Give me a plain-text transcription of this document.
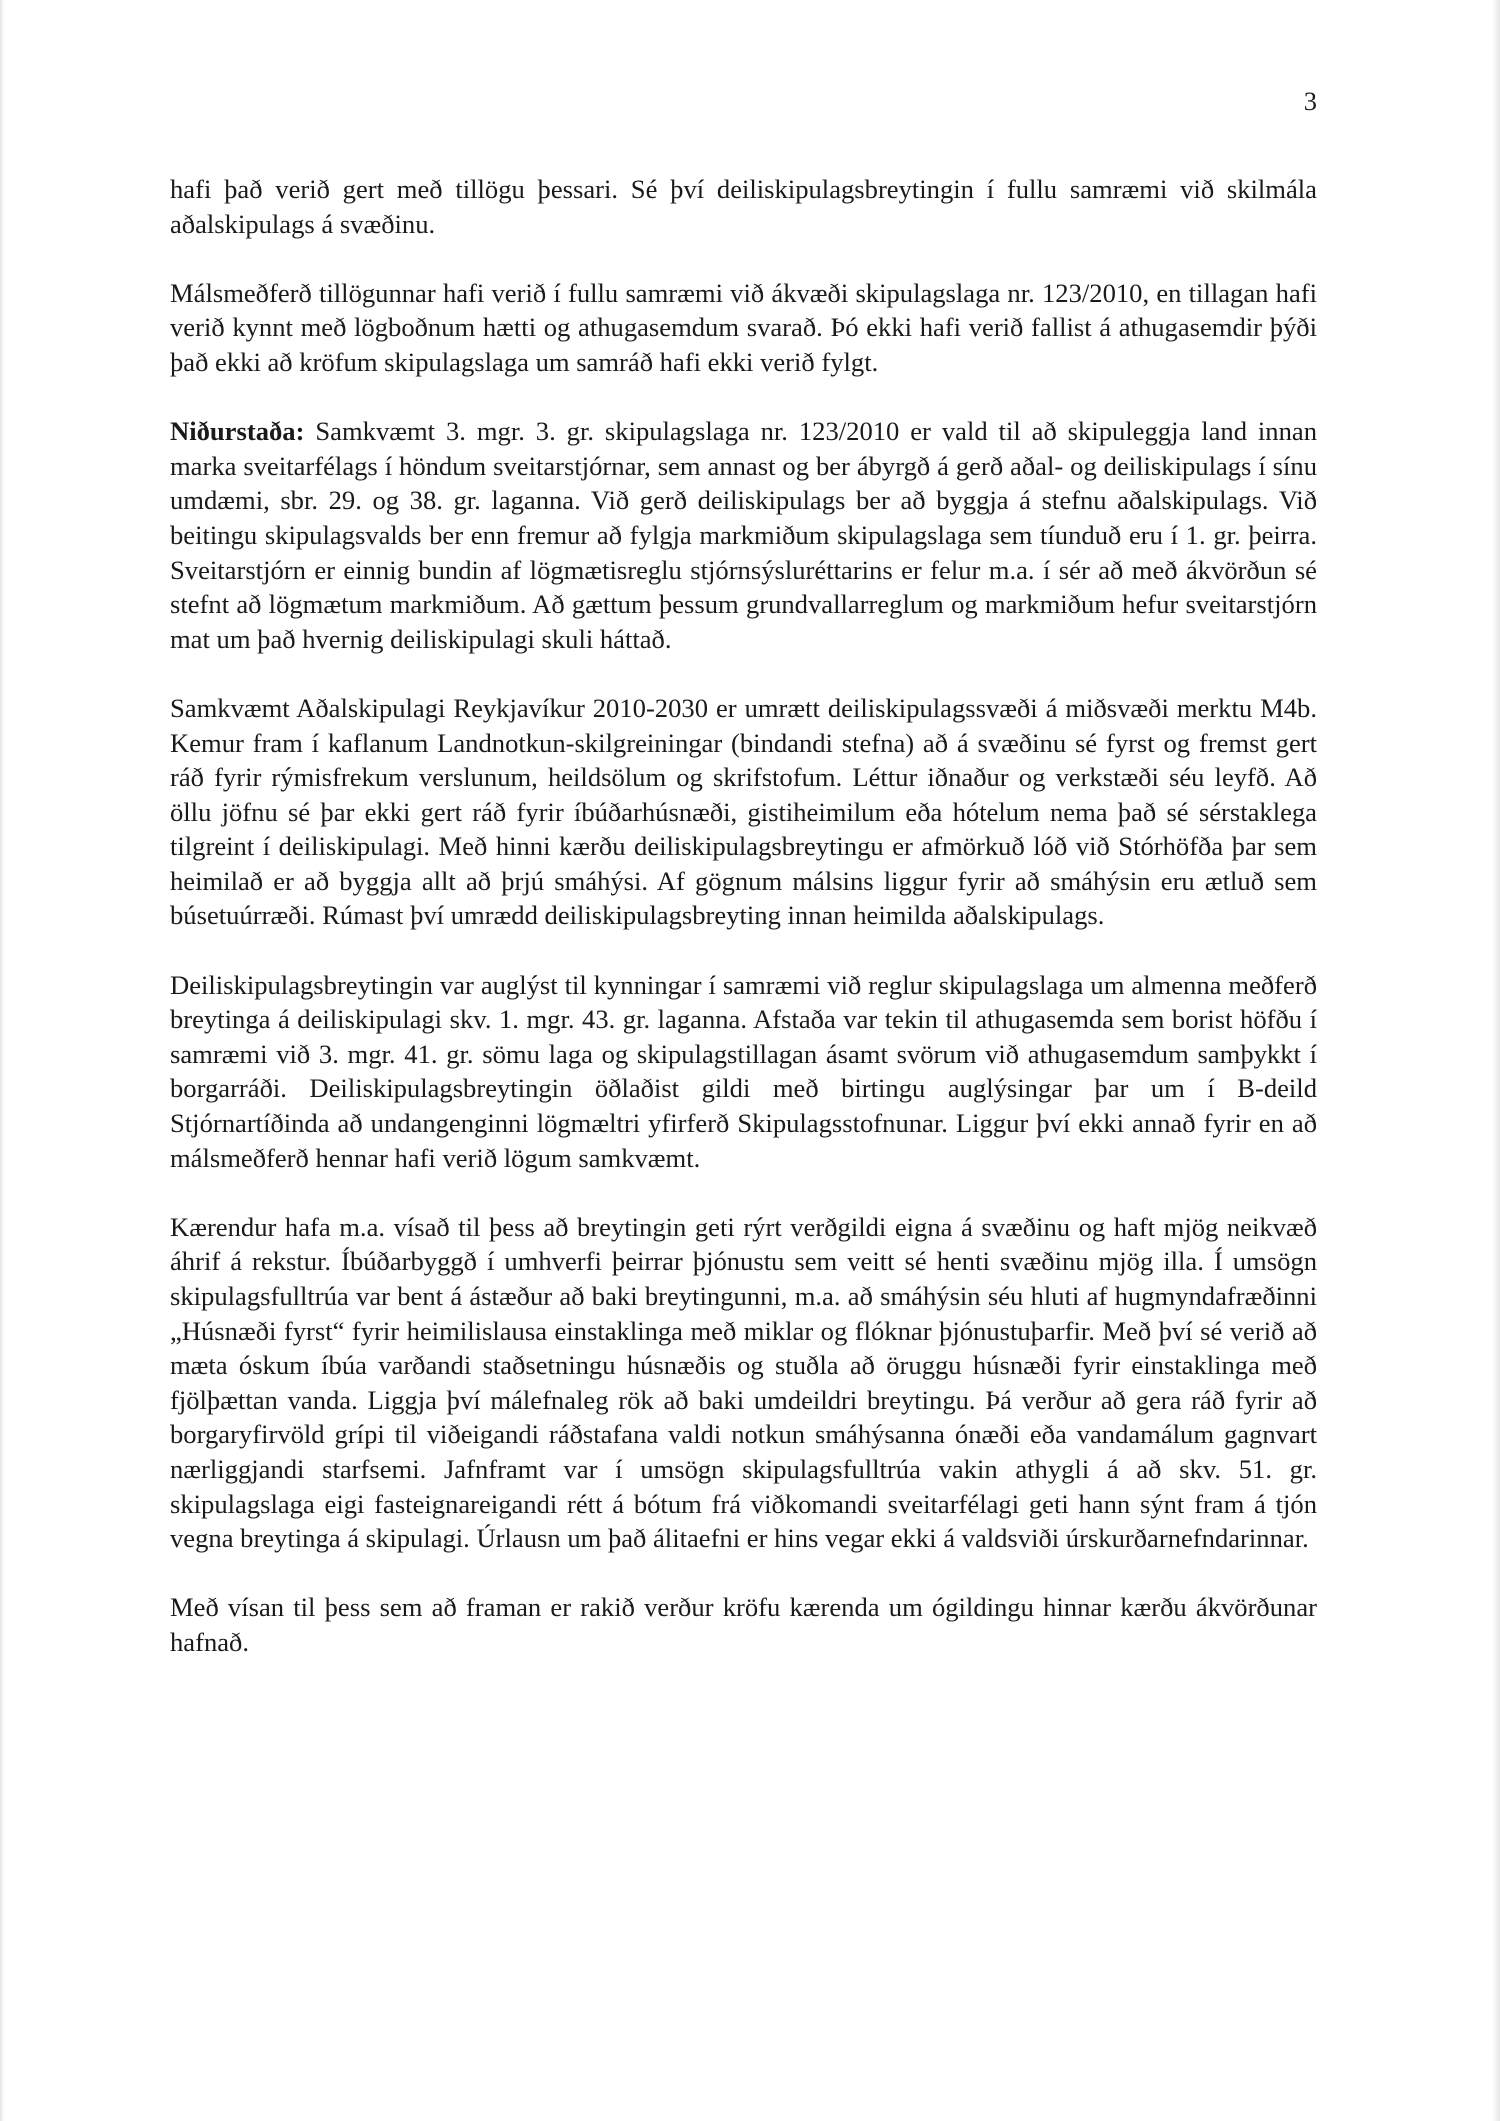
3

hafi það verið gert með tillögu þessari. Sé því deiliskipulagsbreytingin í fullu samræmi við skilmála aðalskipulags á svæðinu.

Málsmeðferð tillögunnar hafi verið í fullu samræmi við ákvæði skipulagslaga nr. 123/2010, en tillagan hafi verið kynnt með lögboðnum hætti og athugasemdum svarað. Þó ekki hafi verið fallist á athugasemdir þýði það ekki að kröfum skipulagslaga um samráð hafi ekki verið fylgt.

Niðurstaða: Samkvæmt 3. mgr. 3. gr. skipulagslaga nr. 123/2010 er vald til að skipuleggja land innan marka sveitarfélags í höndum sveitarstjórnar, sem annast og ber ábyrgð á gerð aðal- og deiliskipulags í sínu umdæmi, sbr. 29. og 38. gr. laganna. Við gerð deiliskipulags ber að byggja á stefnu aðalskipulags. Við beitingu skipulagsvalds ber enn fremur að fylgja markmiðum skipulagslaga sem tíunduð eru í 1. gr. þeirra. Sveitarstjórn er einnig bundin af lögmætisreglu stjórnsýsluréttarins er felur m.a. í sér að með ákvörðun sé stefnt að lögmætum markmiðum. Að gættum þessum grundvallarreglum og markmiðum hefur sveitarstjórn mat um það hvernig deiliskipulagi skuli háttað.

Samkvæmt Aðalskipulagi Reykjavíkur 2010-2030 er umrætt deiliskipulagssvæði á miðsvæði merktu M4b. Kemur fram í kaflanum Landnotkun-skilgreiningar (bindandi stefna) að á svæðinu sé fyrst og fremst gert ráð fyrir rýmisfrekum verslunum, heildsölum og skrifstofum. Léttur iðnaður og verkstæði séu leyfð. Að öllu jöfnu sé þar ekki gert ráð fyrir íbúðarhúsnæði, gistiheimilum eða hótelum nema það sé sérstaklega tilgreint í deiliskipulagi. Með hinni kærðu deiliskipulagsbreytingu er afmörkuð lóð við Stórhöfða þar sem heimilað er að byggja allt að þrjú smáhýsi. Af gögnum málsins liggur fyrir að smáhýsin eru ætluð sem búsetuúrræði. Rúmast því umrædd deiliskipulagsbreyting innan heimilda aðalskipulags.

Deiliskipulagsbreytingin var auglýst til kynningar í samræmi við reglur skipulagslaga um almenna meðferð breytinga á deiliskipulagi skv. 1. mgr. 43. gr. laganna. Afstaða var tekin til athugasemda sem borist höfðu í samræmi við 3. mgr. 41. gr. sömu laga og skipulagstillagan ásamt svörum við athugasemdum samþykkt í borgarráði. Deiliskipulagsbreytingin öðlaðist gildi með birtingu auglýsingar þar um í B-deild Stjórnartíðinda að undangenginni lögmæltri yfirferð Skipulagsstofnunar. Liggur því ekki annað fyrir en að málsmeðferð hennar hafi verið lögum samkvæmt.

Kærendur hafa m.a. vísað til þess að breytingin geti rýrt verðgildi eigna á svæðinu og haft mjög neikvæð áhrif á rekstur. Íbúðarbyggð í umhverfi þeirrar þjónustu sem veitt sé henti svæðinu mjög illa. Í umsögn skipulagsfulltrúa var bent á ástæður að baki breytingunni, m.a. að smáhýsin séu hluti af hugmyndafræðinni „Húsnæði fyrst“ fyrir heimilislausa einstaklinga með miklar og flóknar þjónustuþarfir. Með því sé verið að mæta óskum íbúa varðandi staðsetningu húsnæðis og stuðla að öruggu húsnæði fyrir einstaklinga með fjölþættan vanda. Liggja því málefnaleg rök að baki umdeildri breytingu. Þá verður að gera ráð fyrir að borgaryfirvöld grípi til viðeigandi ráðstafana valdi notkun smáhýsanna ónæði eða vandamálum gagnvart nærliggjandi starfsemi. Jafnframt var í umsögn skipulagsfulltrúa vakin athygli á að skv. 51. gr. skipulagslaga eigi fasteignareigandi rétt á bótum frá viðkomandi sveitarfélagi geti hann sýnt fram á tjón vegna breytinga á skipulagi. Úrlausn um það álitaefni er hins vegar ekki á valdsviði úrskurðarnefndarinnar.

Með vísan til þess sem að framan er rakið verður kröfu kærenda um ógildingu hinnar kærðu ákvörðunar hafnað.
